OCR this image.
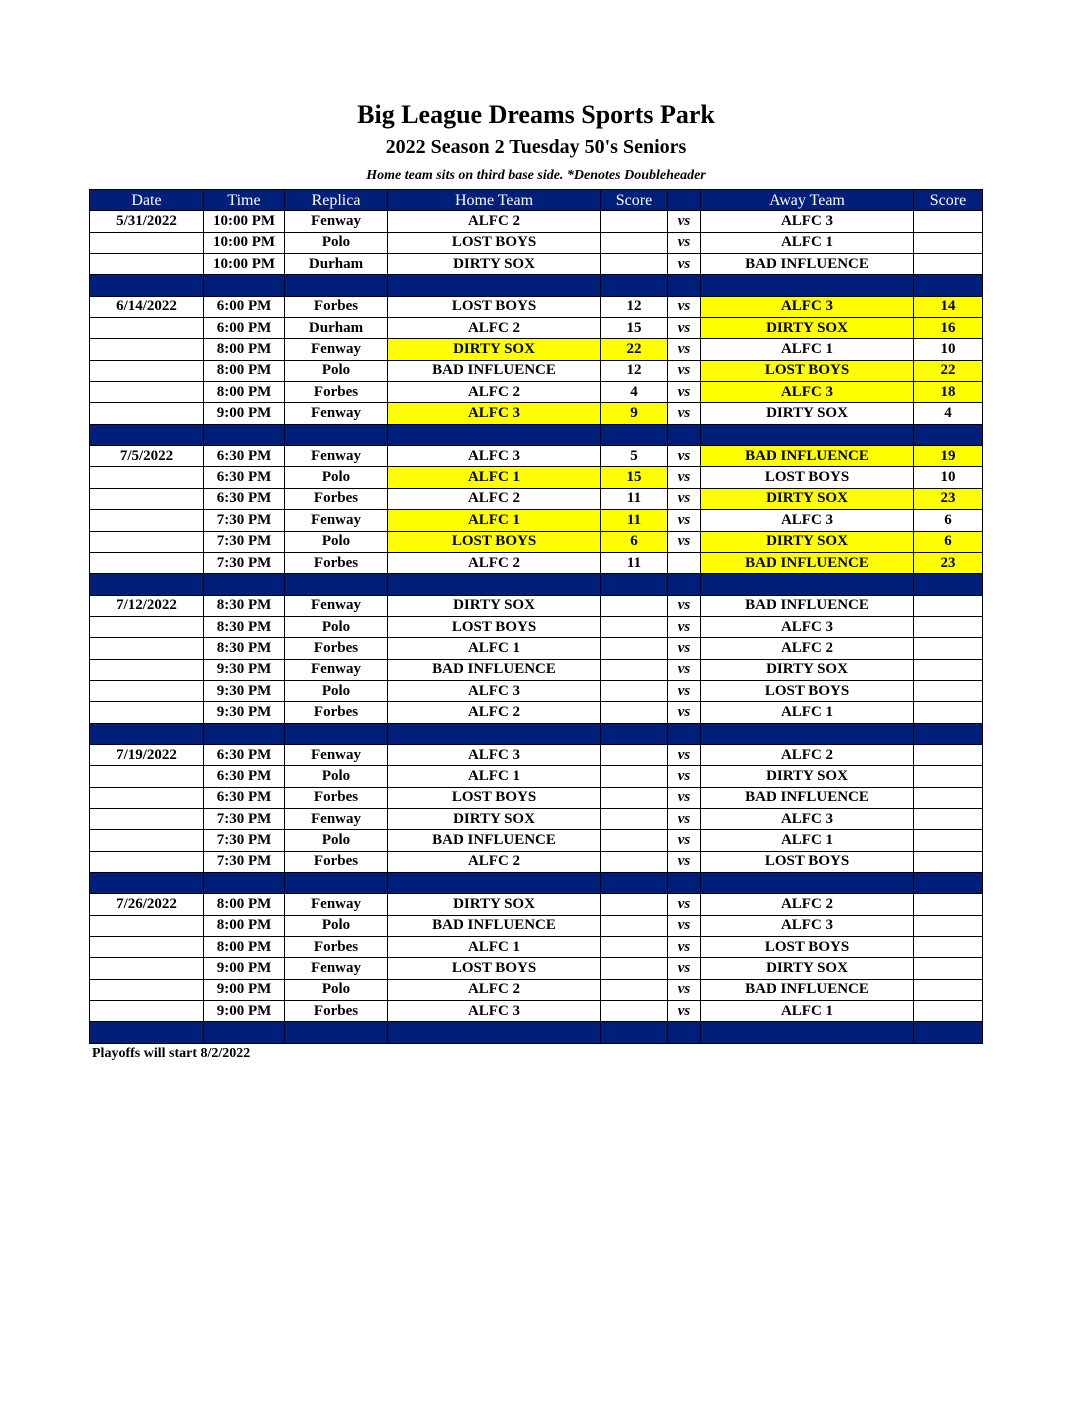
Big League Dreams Sports Park
2022 Season 2 Tuesday 50's Seniors

Home team sits on third base side. *Denotes Doubleheader

Date	Time	Replica	Home Team	Score		Away Team	Score
5/31/2022	10:00 PM	Fenway	ALFC 2		vs	ALFC 3	
	10:00 PM	Polo	LOST BOYS		vs	ALFC 1	
	10:00 PM	Durham	DIRTY SOX		vs	BAD INFLUENCE	

6/14/2022	6:00 PM	Forbes	LOST BOYS	12	vs	ALFC 3	14
	6:00 PM	Durham	ALFC 2	15	vs	DIRTY SOX	16
	8:00 PM	Fenway	DIRTY SOX	22	vs	ALFC 1	10
	8:00 PM	Polo	BAD INFLUENCE	12	vs	LOST BOYS	22
	8:00 PM	Forbes	ALFC 2	4	vs	ALFC 3	18
	9:00 PM	Fenway	ALFC 3	9	vs	DIRTY SOX	4

7/5/2022	6:30 PM	Fenway	ALFC 3	5	vs	BAD INFLUENCE	19
	6:30 PM	Polo	ALFC 1	15	vs	LOST BOYS	10
	6:30 PM	Forbes	ALFC 2	11	vs	DIRTY SOX	23
	7:30 PM	Fenway	ALFC 1	11	vs	ALFC 3	6
	7:30 PM	Polo	LOST BOYS	6	vs	DIRTY SOX	6
	7:30 PM	Forbes	ALFC 2	11		BAD INFLUENCE	23

7/12/2022	8:30 PM	Fenway	DIRTY SOX		vs	BAD INFLUENCE	
	8:30 PM	Polo	LOST BOYS		vs	ALFC 3	
	8:30 PM	Forbes	ALFC 1		vs	ALFC 2	
	9:30 PM	Fenway	BAD INFLUENCE		vs	DIRTY SOX	
	9:30 PM	Polo	ALFC 3		vs	LOST BOYS	
	9:30 PM	Forbes	ALFC 2		vs	ALFC 1	

7/19/2022	6:30 PM	Fenway	ALFC 3		vs	ALFC 2	
	6:30 PM	Polo	ALFC 1		vs	DIRTY SOX	
	6:30 PM	Forbes	LOST BOYS		vs	BAD INFLUENCE	
	7:30 PM	Fenway	DIRTY SOX		vs	ALFC 3	
	7:30 PM	Polo	BAD INFLUENCE		vs	ALFC 1	
	7:30 PM	Forbes	ALFC 2		vs	LOST BOYS	

7/26/2022	8:00 PM	Fenway	DIRTY SOX		vs	ALFC 2	
	8:00 PM	Polo	BAD INFLUENCE		vs	ALFC 3	
	8:00 PM	Forbes	ALFC 1		vs	LOST BOYS	
	9:00 PM	Fenway	LOST BOYS		vs	DIRTY SOX	
	9:00 PM	Polo	ALFC 2		vs	BAD INFLUENCE	
	9:00 PM	Forbes	ALFC 3		vs	ALFC 1	

Playoffs will start 8/2/2022
